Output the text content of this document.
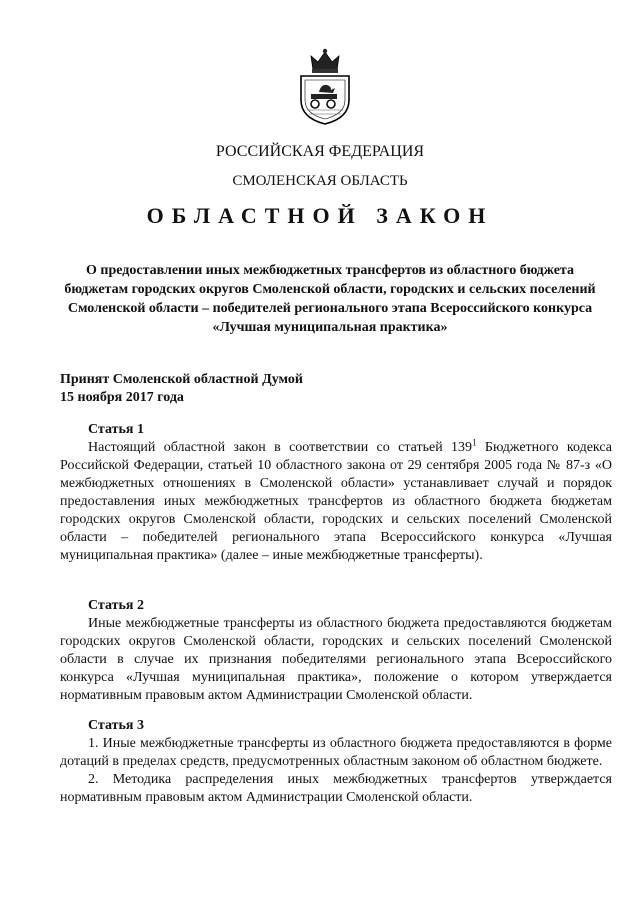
РОССИЙСКАЯ ФЕДЕРАЦИЯ
СМОЛЕНСКАЯ ОБЛАСТЬ
ОБЛАСТНОЙ ЗАКОН
О предоставлении иных межбюджетных трансфертов из областного бюджета бюджетам городских округов Смоленской области, городских и сельских поселений Смоленской области – победителей регионального этапа Всероссийского конкурса «Лучшая муниципальная практика»
Принят Смоленской областной Думой
15 ноября 2017 года
Статья 1

Настоящий областной закон в соответствии со статьей $139^1$ Бюджетного кодекса Российской Федерации, статьей 10 областного закона от 29 сентября 2005 года № 87-з «О межбюджетных отношениях в Смоленской области» устанавливает случай и порядок предоставления иных межбюджетных трансфертов из областного бюджета бюджетам городских округов Смоленской области, городских и сельских поселений Смоленской области – победителей регионального этапа Всероссийского конкурса «Лучшая муниципальная практика» (далее – иные межбюджетные трансферты).

Статья 2

Иные межбюджетные трансферты из областного бюджета предоставляются бюджетам городских округов Смоленской области, городских и сельских поселений Смоленской области в случае их признания победителями регионального этапа Всероссийского конкурса «Лучшая муниципальная практика», положение о котором утверждается нормативным правовым актом Администрации Смоленской области.

Статья 3

1. Иные межбюджетные трансферты из областного бюджета предоставляются в форме дотаций в пределах средств, предусмотренных областным законом об областном бюджете.

2. Методика распределения иных межбюджетных трансфертов утверждается нормативным правовым актом Администрации Смоленской области.
